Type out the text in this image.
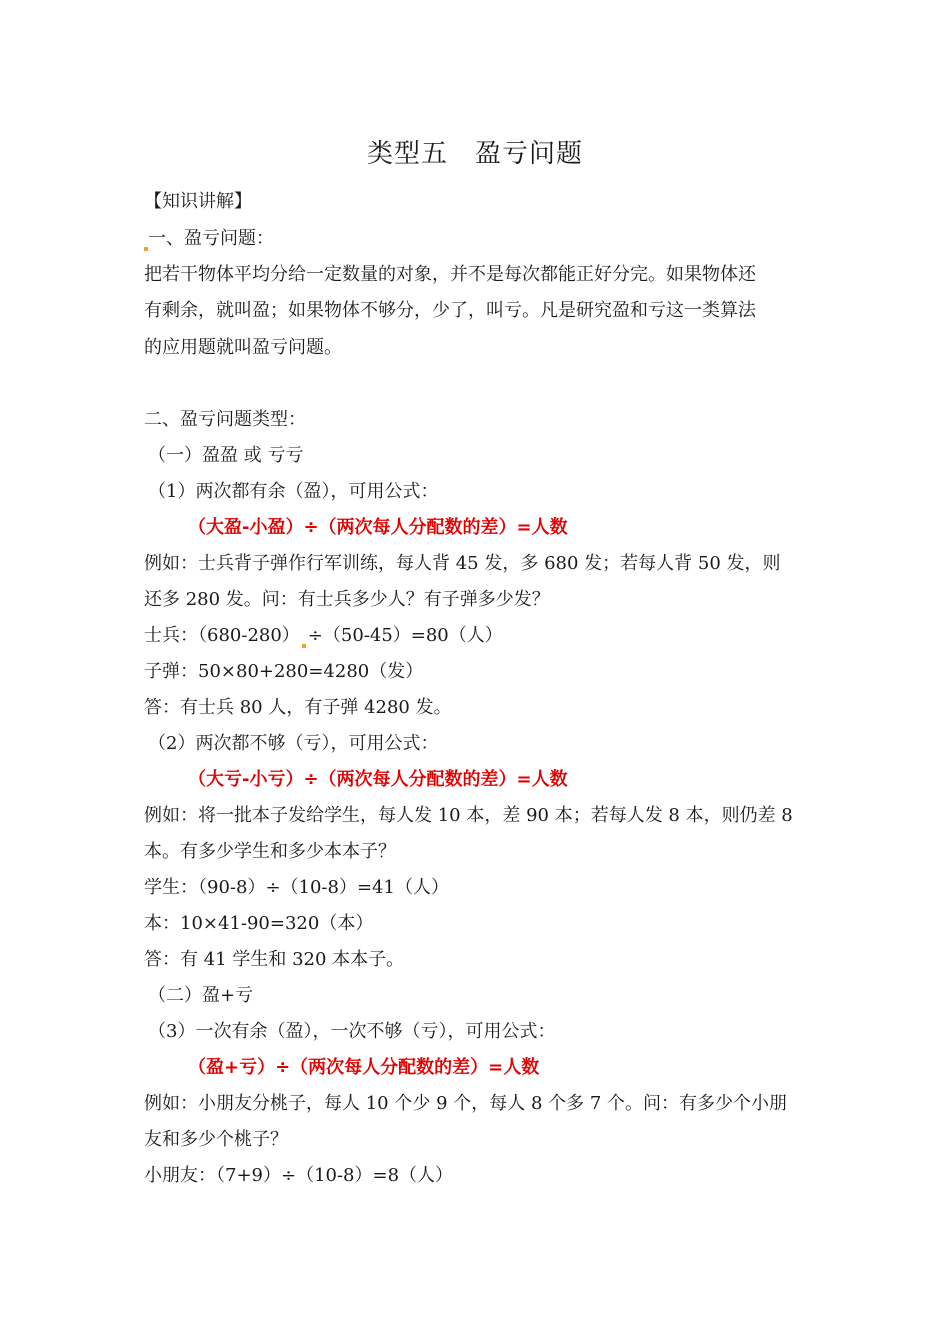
类型五　盈亏问题
【知识讲解】
一、盈亏问题：
把若干物体平均分给一定数量的对象，并不是每次都能正好分完。如果物体还
有剩余，就叫盈；如果物体不够分，少了，叫亏。凡是研究盈和亏这一类算法
的应用题就叫盈亏问题。
二、盈亏问题类型：
（一）盈盈 或 亏亏
（1）两次都有余（盈），可用公式：
（大盈-小盈）÷（两次每人分配数的差）=人数
例如：士兵背子弹作行军训练，每人背 45 发，多 680 发；若每人背 50 发，则
还多 280 发。问：有士兵多少人？有子弹多少发？
士兵：（680-280） ÷（50-45）=80（人）
子弹：50×80+280=4280（发）
答：有士兵 80 人，有子弹 4280 发。
（2）两次都不够（亏），可用公式：
（大亏-小亏）÷（两次每人分配数的差）=人数
例如：将一批本子发给学生，每人发 10 本，差 90 本；若每人发 8 本，则仍差 8
本。有多少学生和多少本本子？
学生：（90-8）÷（10-8）=41（人）
本：10×41-90=320（本）
答：有 41 学生和 320 本本子。
（二）盈+亏
（3）一次有余（盈），一次不够（亏），可用公式：
（盈+亏）÷（两次每人分配数的差）=人数
例如：小朋友分桃子，每人 10 个少 9 个，每人 8 个多 7 个。问：有多少个小朋
友和多少个桃子？
小朋友：（7+9）÷（10-8）=8（人）
